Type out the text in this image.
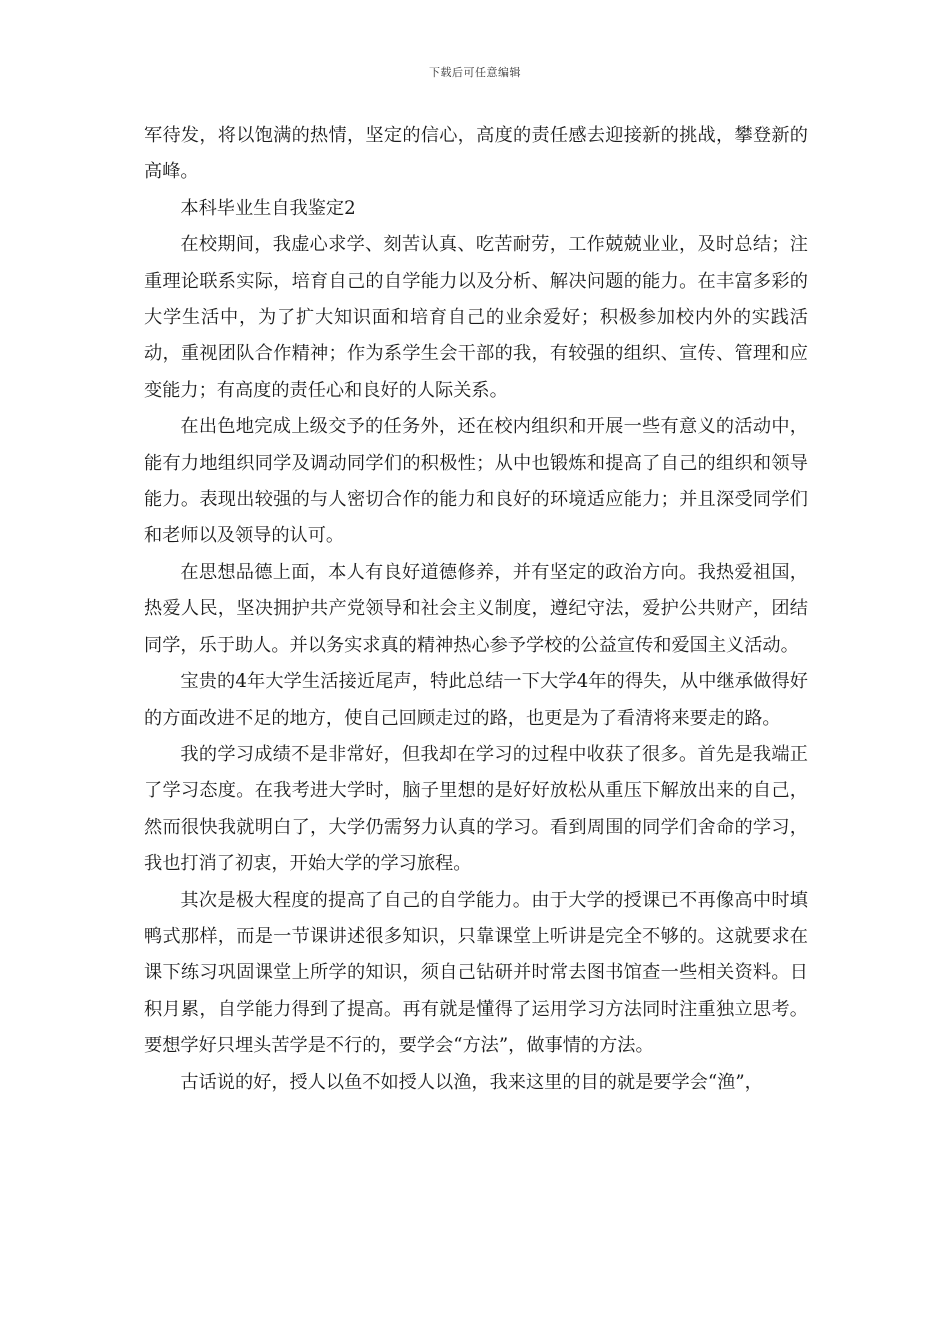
下载后可任意编辑

军待发，将以饱满的热情，坚定的信心，高度的责任感去迎接新的挑战，攀登新的高峰。

本科毕业生自我鉴定2

在校期间，我虚心求学、刻苦认真、吃苦耐劳，工作兢兢业业，及时总结；注重理论联系实际，培育自己的自学能力以及分析、解决问题的能力。在丰富多彩的大学生活中，为了扩大知识面和培育自己的业余爱好；积极参加校内外的实践活动，重视团队合作精神；作为系学生会干部的我，有较强的组织、宣传、管理和应变能力；有高度的责任心和良好的人际关系。

在出色地完成上级交予的任务外，还在校内组织和开展一些有意义的活动中，能有力地组织同学及调动同学们的积极性；从中也锻炼和提高了自己的组织和领导能力。表现出较强的与人密切合作的能力和良好的环境适应能力；并且深受同学们和老师以及领导的认可。

在思想品德上面，本人有良好道德修养，并有坚定的政治方向。我热爱祖国，热爱人民，坚决拥护共产党领导和社会主义制度，遵纪守法，爱护公共财产，团结同学，乐于助人。并以务实求真的精神热心参予学校的公益宣传和爱国主义活动。

宝贵的4年大学生活接近尾声，特此总结一下大学4年的得失，从中继承做得好的方面改进不足的地方，使自己回顾走过的路，也更是为了看清将来要走的路。

我的学习成绩不是非常好，但我却在学习的过程中收获了很多。首先是我端正了学习态度。在我考进大学时，脑子里想的是好好放松从重压下解放出来的自己，然而很快我就明白了，大学仍需努力认真的学习。看到周围的同学们舍命的学习，我也打消了初衷，开始大学的学习旅程。

其次是极大程度的提高了自己的自学能力。由于大学的授课已不再像高中时填鸭式那样，而是一节课讲述很多知识，只靠课堂上听讲是完全不够的。这就要求在课下练习巩固课堂上所学的知识，须自己钻研并时常去图书馆查一些相关资料。日积月累，自学能力得到了提高。再有就是懂得了运用学习方法同时注重独立思考。要想学好只埋头苦学是不行的，要学会“方法”，做事情的方法。

古话说的好，授人以鱼不如授人以渔，我来这里的目的就是要学会“渔”，
